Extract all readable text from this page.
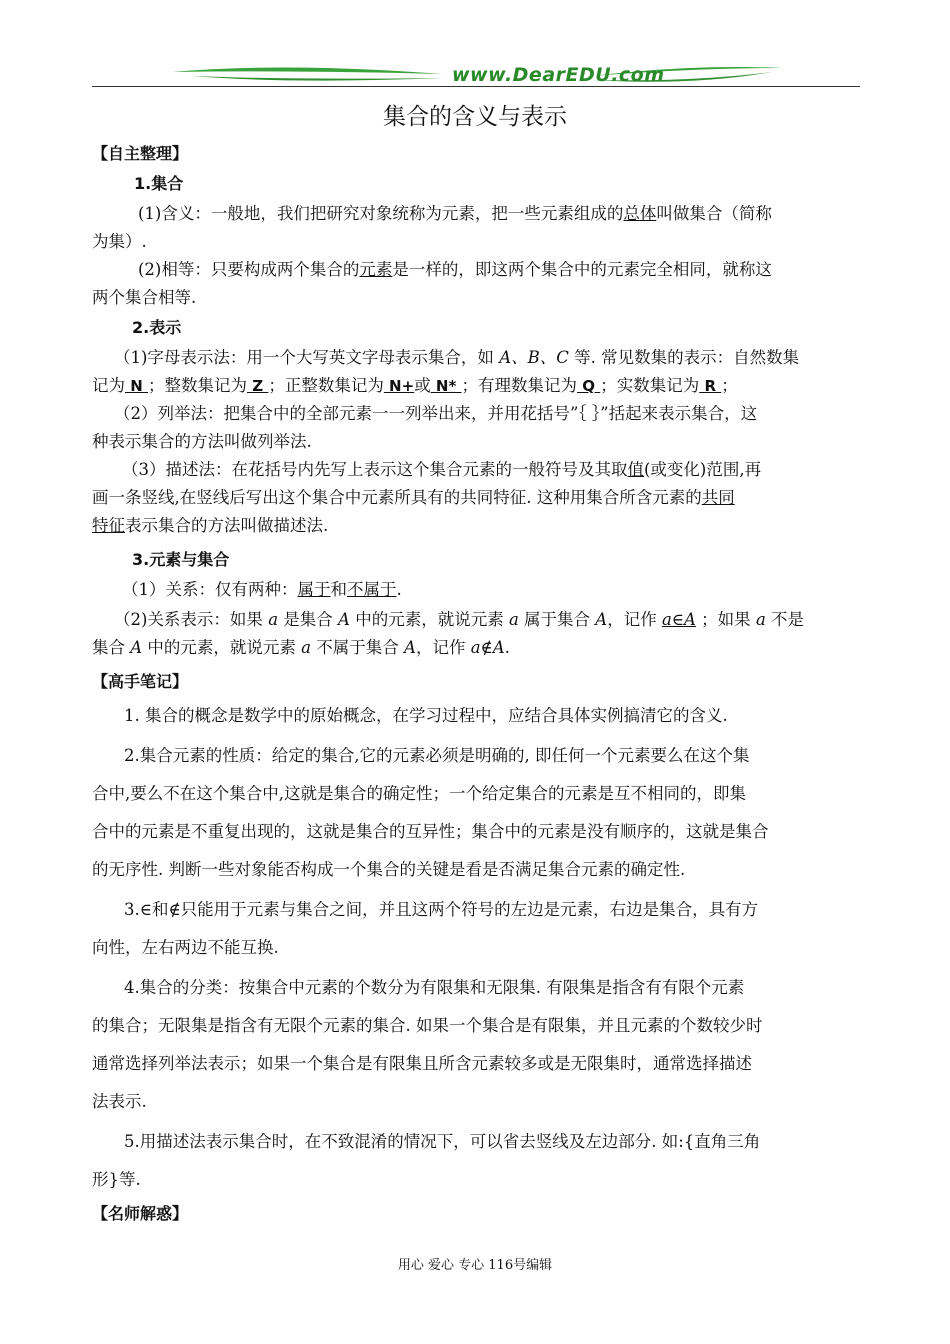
www.DearEDU.com
集合的含义与表示
【自主整理】
1.集合
(1)含义：一般地，我们把研究对象统称为元素，把一些元素组成的总体叫做集合（简称
为集）.
(2)相等：只要构成两个集合的元素是一样的，即这两个集合中的元素完全相同，就称这
两个集合相等.
2.表示
（1)字母表示法：用一个大写英文字母表示集合，如 A、B、C 等. 常见数集的表示：自然数集
记为 N ；整数集记为 Z ；正整数集记为 N+或 N* ；有理数集记为 Q ；实数集记为 R ；
（2）列举法：把集合中的全部元素一一列举出来，并用花括号”｛ ｝”括起来表示集合，这
种表示集合的方法叫做列举法.
（3）描述法：在花括号内先写上表示这个集合元素的一般符号及其取值(或变化)范围,再
画一条竖线,在竖线后写出这个集合中元素所具有的共同特征. 这种用集合所含元素的共同
特征表示集合的方法叫做描述法.
3.元素与集合
（1）关系：仅有两种：属于和不属于.
（2)关系表示：如果 a 是集合 A 中的元素，就说元素 a 属于集合 A，记作 a∈A ；如果 a 不是
集合 A 中的元素，就说元素 a 不属于集合 A，记作 a∉A.
【高手笔记】
1. 集合的概念是数学中的原始概念，在学习过程中，应结合具体实例搞清它的含义.
2.集合元素的性质：给定的集合,它的元素必须是明确的, 即任何一个元素要么在这个集
合中,要么不在这个集合中,这就是集合的确定性；一个给定集合的元素是互不相同的，即集
合中的元素是不重复出现的，这就是集合的互异性；集合中的元素是没有顺序的，这就是集合
的无序性. 判断一些对象能否构成一个集合的关键是看是否满足集合元素的确定性.
3.∈和∉只能用于元素与集合之间，并且这两个符号的左边是元素，右边是集合，具有方
向性，左右两边不能互换.
4.集合的分类：按集合中元素的个数分为有限集和无限集. 有限集是指含有有限个元素
的集合；无限集是指含有无限个元素的集合. 如果一个集合是有限集，并且元素的个数较少时
通常选择列举法表示；如果一个集合是有限集且所含元素较多或是无限集时，通常选择描述
法表示.
5.用描述法表示集合时，在不致混淆的情况下，可以省去竖线及左边部分. 如:{直角三角
形}等.
【名师解惑】
用心 爱心 专心 116号编辑
